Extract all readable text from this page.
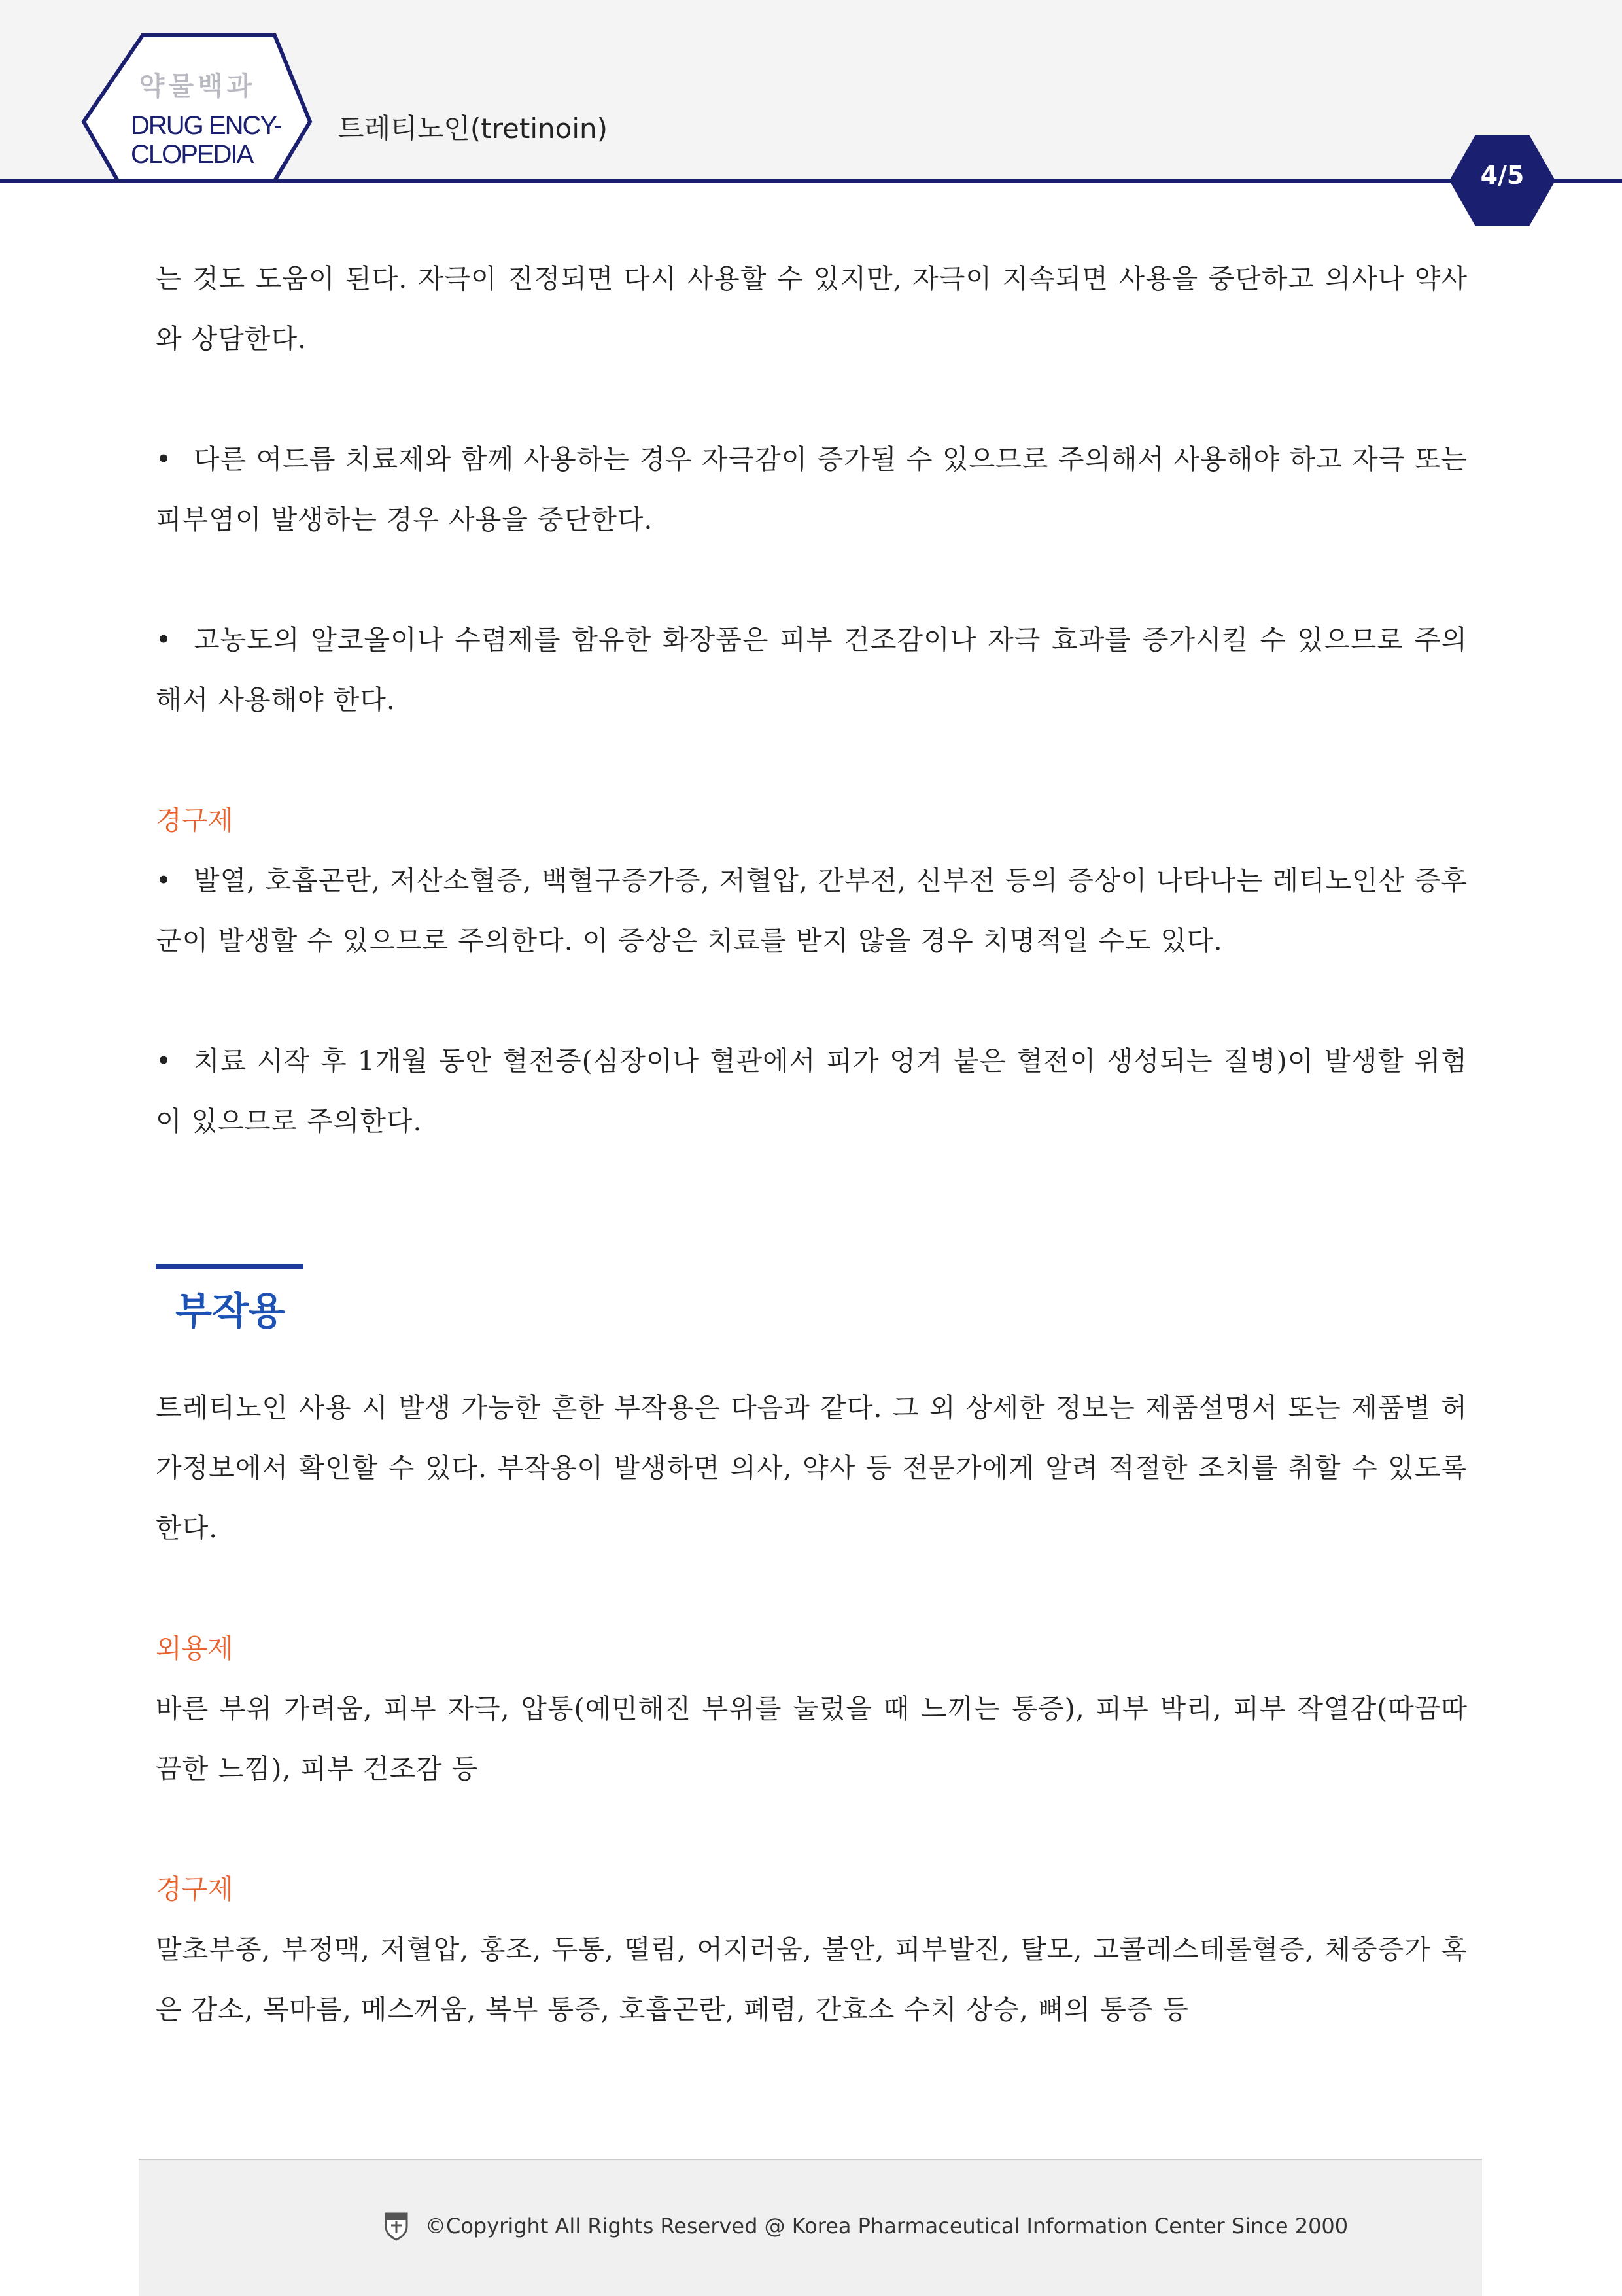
약물백과
DRUG ENCY-
CLOPEDIA
트레티노인(tretinoin)
4/5

는 것도 도움이 된다. 자극이 진정되면 다시 사용할 수 있지만, 자극이 지속되면 사용을 중단하고 의사나 약사와 상담한다.

• 다른 여드름 치료제와 함께 사용하는 경우 자극감이 증가될 수 있으므로 주의해서 사용해야 하고 자극 또는 피부염이 발생하는 경우 사용을 중단한다.

• 고농도의 알코올이나 수렴제를 함유한 화장품은 피부 건조감이나 자극 효과를 증가시킬 수 있으므로 주의해서 사용해야 한다.

경구제

• 발열, 호흡곤란, 저산소혈증, 백혈구증가증, 저혈압, 간부전, 신부전 등의 증상이 나타나는 레티노인산 증후군이 발생할 수 있으므로 주의한다. 이 증상은 치료를 받지 않을 경우 치명적일 수도 있다.

• 치료 시작 후 1개월 동안 혈전증(심장이나 혈관에서 피가 엉겨 붙은 혈전이 생성되는 질병)이 발생할 위험이 있으므로 주의한다.

부작용

트레티노인 사용 시 발생 가능한 흔한 부작용은 다음과 같다. 그 외 상세한 정보는 제품설명서 또는 제품별 허가정보에서 확인할 수 있다. 부작용이 발생하면 의사, 약사 등 전문가에게 알려 적절한 조치를 취할 수 있도록 한다.

외용제

바른 부위 가려움, 피부 자극, 압통(예민해진 부위를 눌렀을 때 느끼는 통증), 피부 박리, 피부 작열감(따끔따끔한 느낌), 피부 건조감 등

경구제

말초부종, 부정맥, 저혈압, 홍조, 두통, 떨림, 어지러움, 불안, 피부발진, 탈모, 고콜레스테롤혈증, 체중증가 혹은 감소, 목마름, 메스꺼움, 복부 통증, 호흡곤란, 폐렴, 간효소 수치 상승, 뼈의 통증 등

©Copyright All Rights Reserved @ Korea Pharmaceutical Information Center Since 2000
